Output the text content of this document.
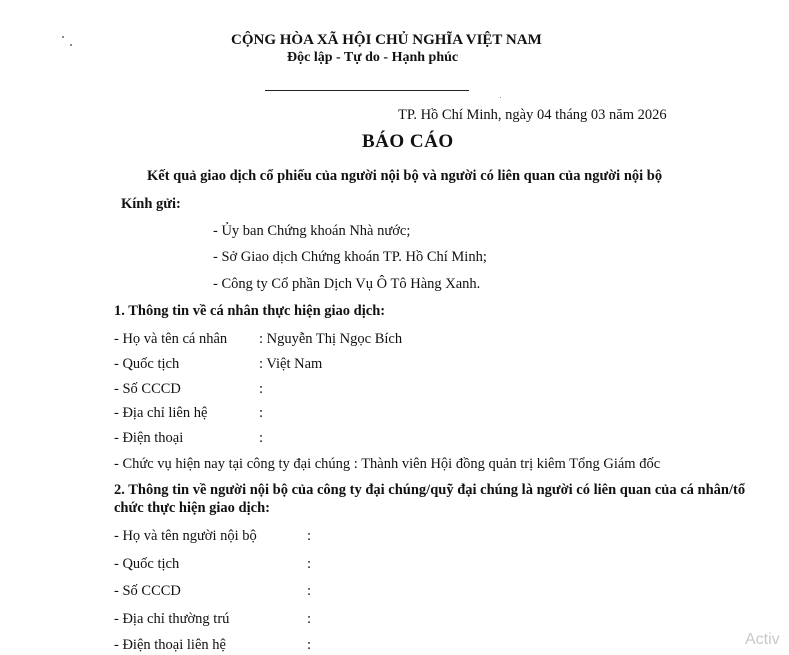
CỘNG HÒA XÃ HỘI CHỦ NGHĨA VIỆT NAM
Độc lập - Tự do - Hạnh phúc
TP. Hồ Chí Minh, ngày 04 tháng 03 năm 2026
BÁO CÁO
Kết quả giao dịch cổ phiếu của người nội bộ và người có liên quan của người nội bộ
Kính gửi:
- Ủy ban Chứng khoán Nhà nước;
- Sở Giao dịch Chứng khoán TP. Hồ Chí Minh;
- Công ty Cổ phần Dịch Vụ Ô Tô Hàng Xanh.
1. Thông tin về cá nhân thực hiện giao dịch:
- Họ và tên cá nhân : Nguyễn Thị Ngọc Bích
- Quốc tịch	: Việt Nam
- Số CCCD	:
- Địa chỉ liên hệ	:
- Điện thoại	:
- Chức vụ hiện nay tại công ty đại chúng : Thành viên Hội đồng quản trị kiêm Tổng Giám đốc
2. Thông tin về người nội bộ của công ty đại chúng/quỹ đại chúng là người có liên quan của cá nhân/tổ
chức thực hiện giao dịch:
- Họ và tên người nội bộ	:
- Quốc tịch	:
- Số CCCD	:
- Địa chỉ thường trú	:
- Điện thoại liên hệ	:	Activ
